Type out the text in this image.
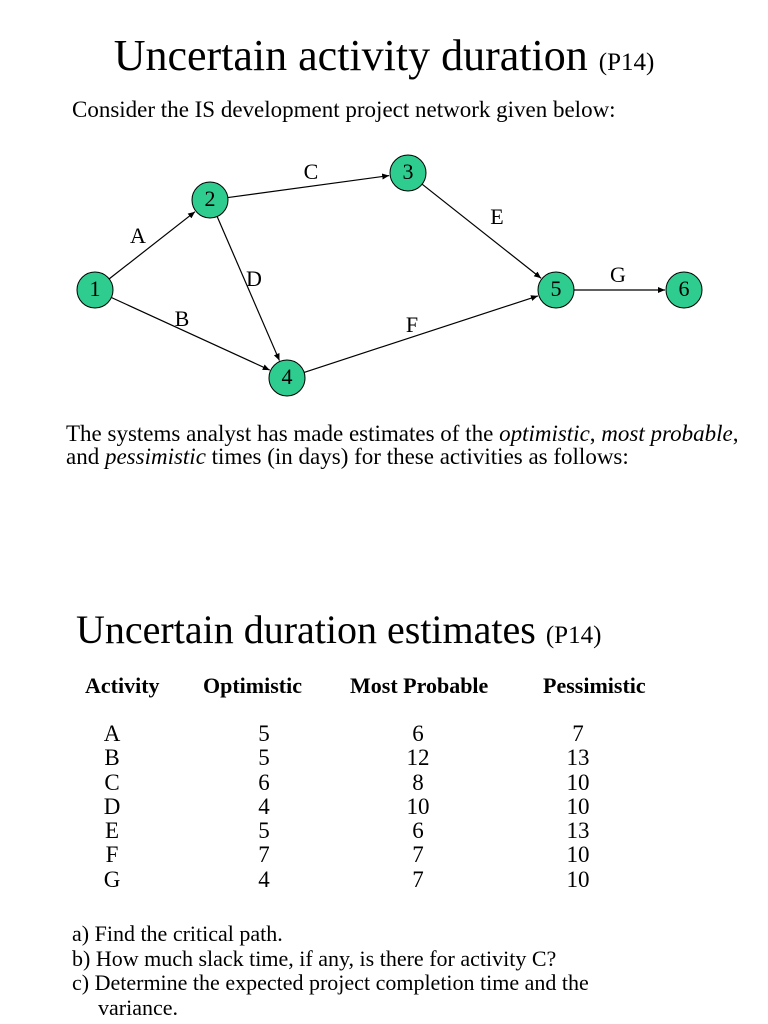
Uncertain activity duration (P14)
Consider the IS development project network given below:
1
2
3
4
5	6
A
B
C
D
E
F
G
The systems analyst has made estimates of the optimistic, most probable, and pessimistic times (in days) for these activities as follows:
Uncertain duration estimates (P14)
Activity Optimistic Most Probable Pessimistic
A
B
C
D
E
F
G
5
5
6
4
5
7
4
6
12
8
10
6
7
7
7
13
10
10
13
10
10
a) Find the critical path.
b) How much slack time, if any, is there for activity C?
c) Determine the expected project completion time and the
variance.
